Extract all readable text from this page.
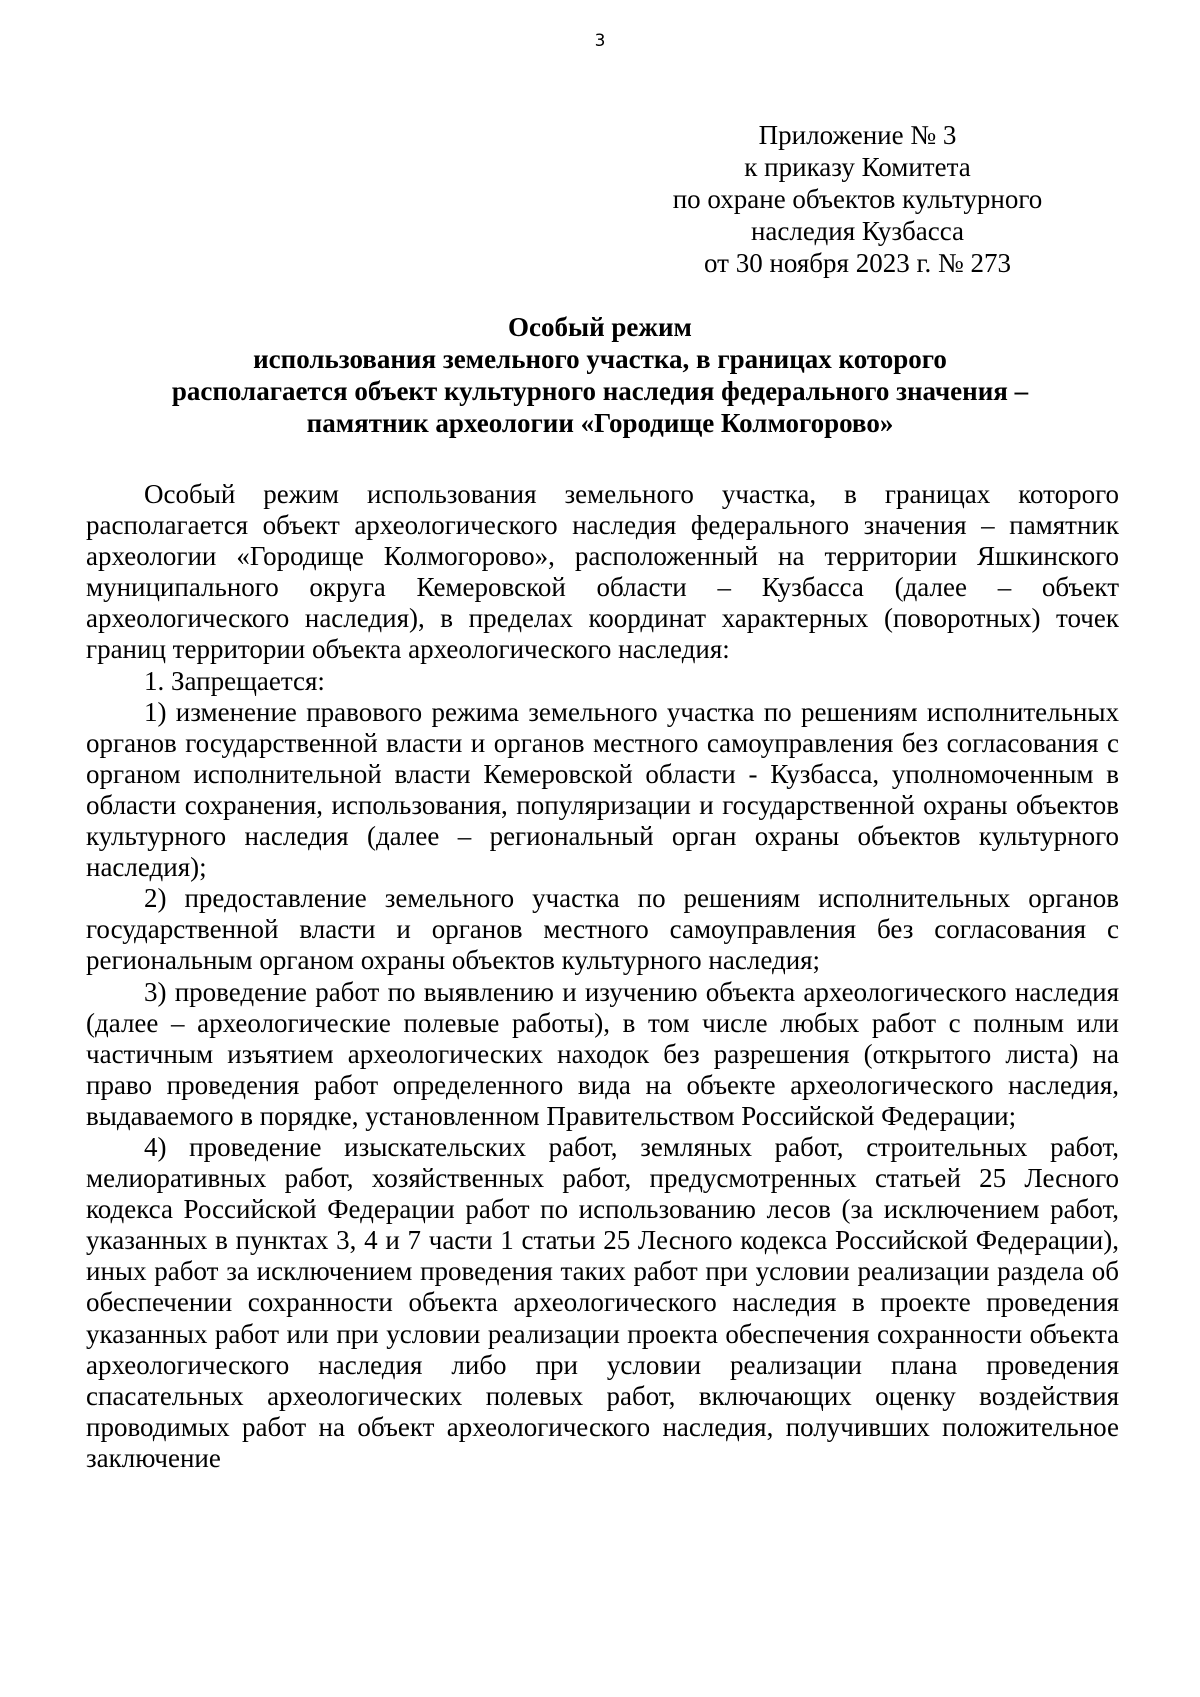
3
Приложение № 3
к приказу Комитета
по охране объектов культурного
наследия Кузбасса
от 30 ноября 2023 г. № 273
Особый режим
использования земельного участка, в границах которого
располагается объект культурного наследия федерального значения –
памятник археологии «Городище Колмогорово»

Особый режим использования земельного участка, в границах которого располагается объект археологического наследия федерального значения – памятник археологии «Городище Колмогорово», расположенный на территории Яшкинского муниципального округа Кемеровской области – Кузбасса (далее – объект археологического наследия), в пределах координат характерных (поворотных) точек границ территории объекта археологического наследия:

1. Запрещается:

1) изменение правового режима земельного участка по решениям исполнительных органов государственной власти и органов местного самоуправления без согласования с органом исполнительной власти Кемеровской области - Кузбасса, уполномоченным в области сохранения, использования, популяризации и государственной охраны объектов культурного наследия (далее – региональный орган охраны объектов культурного наследия);

2) предоставление земельного участка по решениям исполнительных органов государственной власти и органов местного самоуправления без согласования с региональным органом охраны объектов культурного наследия;

3) проведение работ по выявлению и изучению объекта археологического наследия (далее – археологические полевые работы), в том числе любых работ с полным или частичным изъятием археологических находок без разрешения (открытого листа) на право проведения работ определенного вида на объекте археологического наследия, выдаваемого в порядке, установленном Правительством Российской Федерации;

4) проведение изыскательских работ, земляных работ, строительных работ, мелиоративных работ, хозяйственных работ, предусмотренных статьей 25 Лесного кодекса Российской Федерации работ по использованию лесов (за исключением работ, указанных в пунктах 3, 4 и 7 части 1 статьи 25 Лесного кодекса Российской Федерации), иных работ за исключением проведения таких работ при условии реализации раздела об обеспечении сохранности объекта археологического наследия в проекте проведения указанных работ или при условии реализации проекта обеспечения сохранности объекта археологического наследия либо при условии реализации плана проведения спасательных археологических полевых работ, включающих оценку воздействия проводимых работ на объект археологического наследия, получивших положительное заключение
